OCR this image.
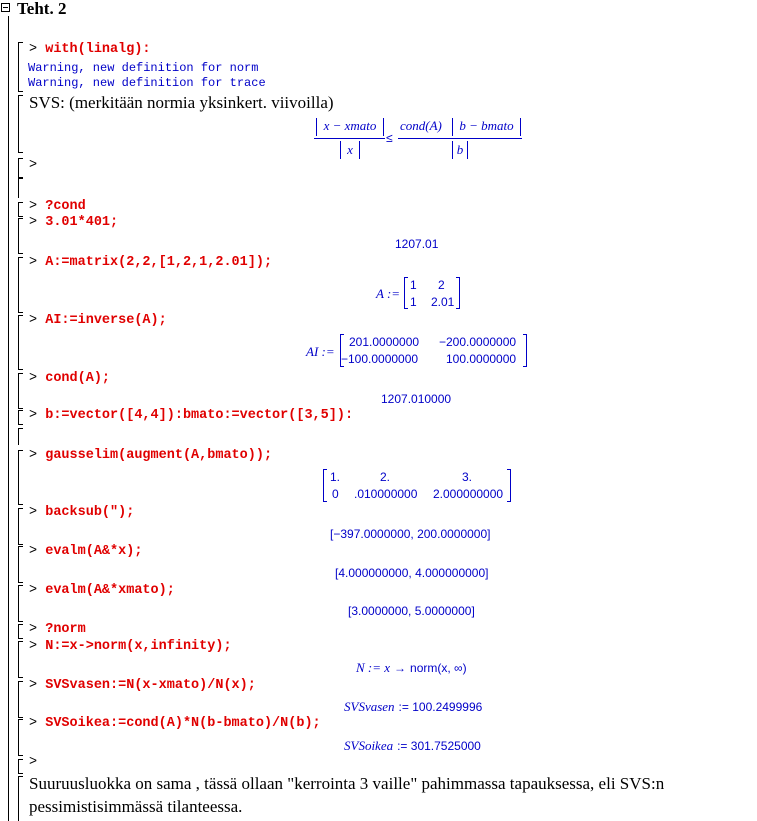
Teht. 2

> with(linalg):
Warning, new definition for norm
Warning, new definition for trace
SVS: (merkitään normia yksinkert. viivoilla)
x − xmato
x
≤
cond(A)	b − bmato
b
>
> ?cond
> 3.01*401;
1207.01
> A:=matrix(2,2,[1,2,1,2.01]);
A :=
1 2
1 2.01
> AI:=inverse(A);
AI :=
201.0000000 −200.0000000
−100.0000000 100.0000000
> cond(A);
1207.010000
> b:=vector([4,4]):bmato:=vector([3,5]):
> gausselim(augment(A,bmato));
1.	2.	3.
0 .010000000 2.000000000
> backsub(");
[−397.0000000, 200.0000000]
> evalm(A&*x);
[4.000000000, 4.000000000]
> evalm(A&*xmato);
[3.0000000, 5.0000000]
> ?norm
> N:=x->norm(x,infinity);
N := x → norm(x, ∞)
> SVSvasen:=N(x-xmato)/N(x);
SVSvasen := 100.2499996
> SVSoikea:=cond(A)*N(b-bmato)/N(b);
SVSoikea := 301.7525000
>
Suuruusluokka on sama , tässä ollaan "kerrointa 3 vaille" pahimmassa tapauksessa, eli SVS:n
pessimistisimmässä tilanteessa.
